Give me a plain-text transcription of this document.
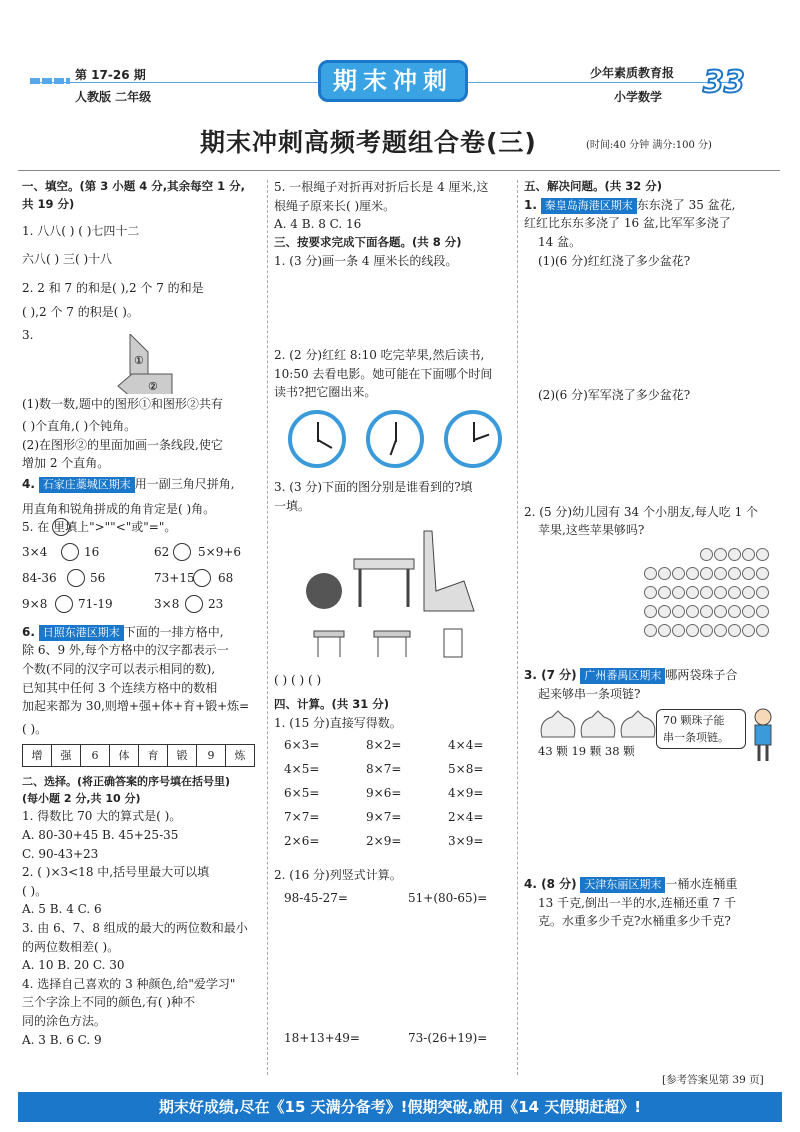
第 17-26 期
人教版 二年级
期末冲刺	少年素质教育报
小学数学 33
期末冲刺高频考题组合卷(三)	(时间:40 分钟 满分:100 分)

一、填空。(第 3 小题 4 分,其余每空 1 分,

共 19 分)

1. 八八( ) ( )七四十二

六八( ) 三( )十八

2. 2 和 7 的和是( ),2 个 7 的和是

( ),2 个 7 的积是( )。

3.

①
②

(1)数一数,题中的图形①和图形②共有

( )个直角,( )个钝角。

(2)在图形②的里面加画一条线段,使它

增加 2 个直角。

4. 石家庄藁城区期末 用一副三角尺拼角,

用直角和锐角拼成的角肯定是( )角。

5. 在 里填上">""<"或"="。

3×4	16	62 5×9+6
84-36	56	73+15 68
9×8	71-19	3×8 23

6. 日照东港区期末 下面的一排方格中,

除 6、9 外,每个方格中的汉字都表示一

个数(不同的汉字可以表示相同的数),

已知其中任何 3 个连续方格中的数相

加起来都为 30,则增+强+体+育+锻+炼=

( )。

增	强	6	体	育	锻	9	炼

二、选择。(将正确答案的序号填在括号里)

(每小题 2 分,共 10 分)

1. 得数比 70 大的算式是( )。

A. 80-30+45 B. 45+25-35

C. 90-43+23

2. ( )×3<18 中,括号里最大可以填

( )。

A. 5 B. 4 C. 6

3. 由 6、7、8 组成的最大的两位数和最小

的两位数相差( )。

A. 10 B. 20 C. 30

4. 选择自己喜欢的 3 种颜色,给"爱学习"

三个字涂上不同的颜色,有( )种不

同的涂色方法。

A. 3 B. 6 C. 9

5. 一根绳子对折再对折后长是 4 厘米,这

根绳子原来长( )厘米。

A. 4 B. 8 C. 16

三、按要求完成下面各题。(共 8 分)

1. (3 分)画一条 4 厘米长的线段。

2. (2 分)红红 8:10 吃完苹果,然后读书,

10:50 去看电影。她可能在下面哪个时间

读书?把它圈出来。

3. (3 分)下面的图分别是谁看到的?填

一填。

( ) ( ) ( )

四、计算。(共 31 分)

1. (15 分)直接写得数。

6×3=	8×2=	4×4=
4×5=	8×7=	5×8=
6×5=	9×6=	4×9=
7×7=	9×7=	2×4=
2×6=	2×9=	3×9=

2. (16 分)列竖式计算。

98-45-27=	51+(80-65)=
18+13+49=	73-(26+19)=

五、解决问题。(共 32 分)

1. 秦皇岛海港区期末 东东浇了 35 盆花,

红红比东东多浇了 16 盆,比军军多浇了

14 盆。

(1)(6 分)红红浇了多少盆花?

(2)(6 分)军军浇了多少盆花?

2. (5 分)幼儿园有 34 个小朋友,每人吃 1 个

苹果,这些苹果够吗?

3. (7 分) 广州番禺区期末 哪两袋珠子合

起来够串一条项链?

43 颗 19 颗 38 颗
70 颗珠子能
串一条项链。

4. (8 分) 天津东丽区期末 一桶水连桶重

13 千克,倒出一半的水,连桶还重 7 千

克。水重多少千克?水桶重多少千克?

[参考答案见第 39 页]
期末好成绩,尽在《15 天满分备考》!假期突破,就用《14 天假期赶超》!
